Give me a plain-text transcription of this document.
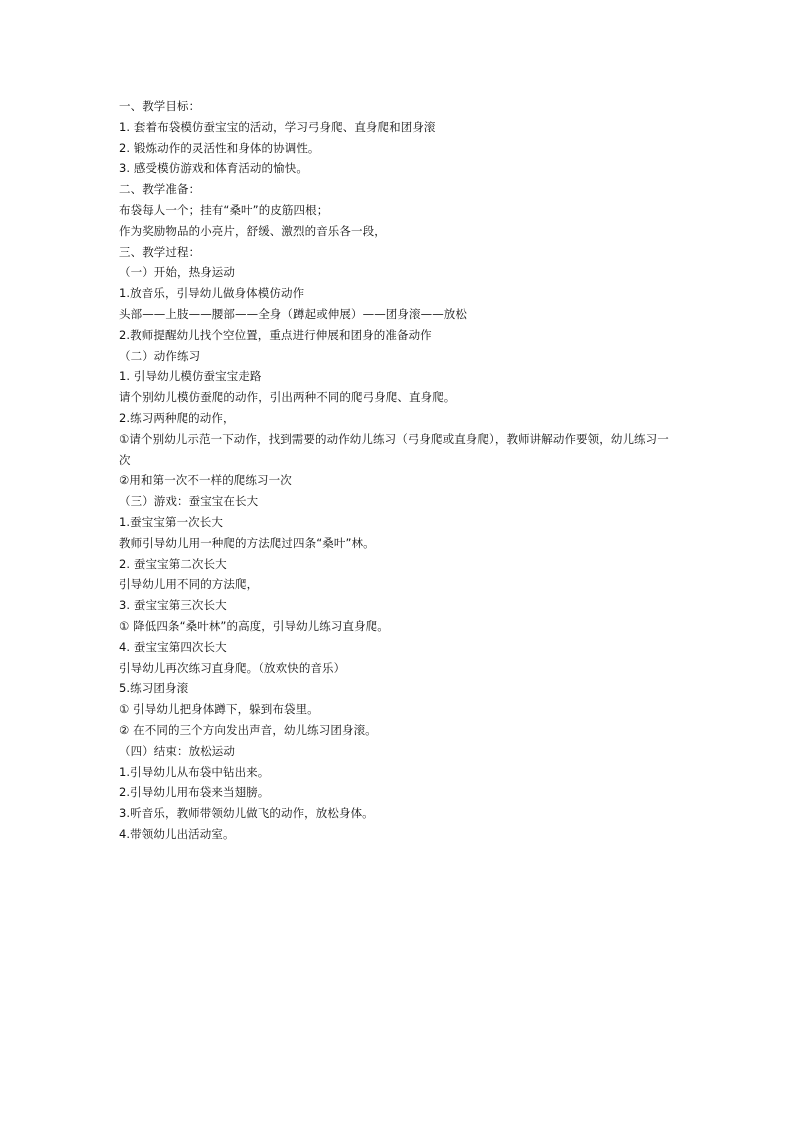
一、教学目标：
1. 套着布袋模仿蚕宝宝的活动，学习弓身爬、直身爬和团身滚
2. 锻炼动作的灵活性和身体的协调性。
3. 感受模仿游戏和体育活动的愉快。
二、教学准备：
布袋每人一个；挂有“桑叶”的皮筋四根；
作为奖励物品的小亮片，舒缓、激烈的音乐各一段，
三、教学过程：
（一）开始，热身运动
1.放音乐，引导幼儿做身体模仿动作
头部——上肢——腰部——全身（蹲起或伸展）——团身滚——放松
2.教师提醒幼儿找个空位置，重点进行伸展和团身的准备动作
（二）动作练习
1. 引导幼儿模仿蚕宝宝走路
请个别幼儿模仿蚕爬的动作，引出两种不同的爬弓身爬、直身爬。
2.练习两种爬的动作，
①请个别幼儿示范一下动作，找到需要的动作幼儿练习（弓身爬或直身爬），教师讲解动作要领，幼儿练习一次
②用和第一次不一样的爬练习一次
（三）游戏：蚕宝宝在长大
1.蚕宝宝第一次长大
教师引导幼儿用一种爬的方法爬过四条“桑叶”林。
2. 蚕宝宝第二次长大
引导幼儿用不同的方法爬，
3. 蚕宝宝第三次长大
① 降低四条“桑叶林”的高度，引导幼儿练习直身爬。
4. 蚕宝宝第四次长大
引导幼儿再次练习直身爬。（放欢快的音乐）
5.练习团身滚
① 引导幼儿把身体蹲下，躲到布袋里。
② 在不同的三个方向发出声音，幼儿练习团身滚。
（四）结束：放松运动
1.引导幼儿从布袋中钻出来。
2.引导幼儿用布袋来当翅膀。
3.听音乐，教师带领幼儿做飞的动作，放松身体。
4.带领幼儿出活动室。
